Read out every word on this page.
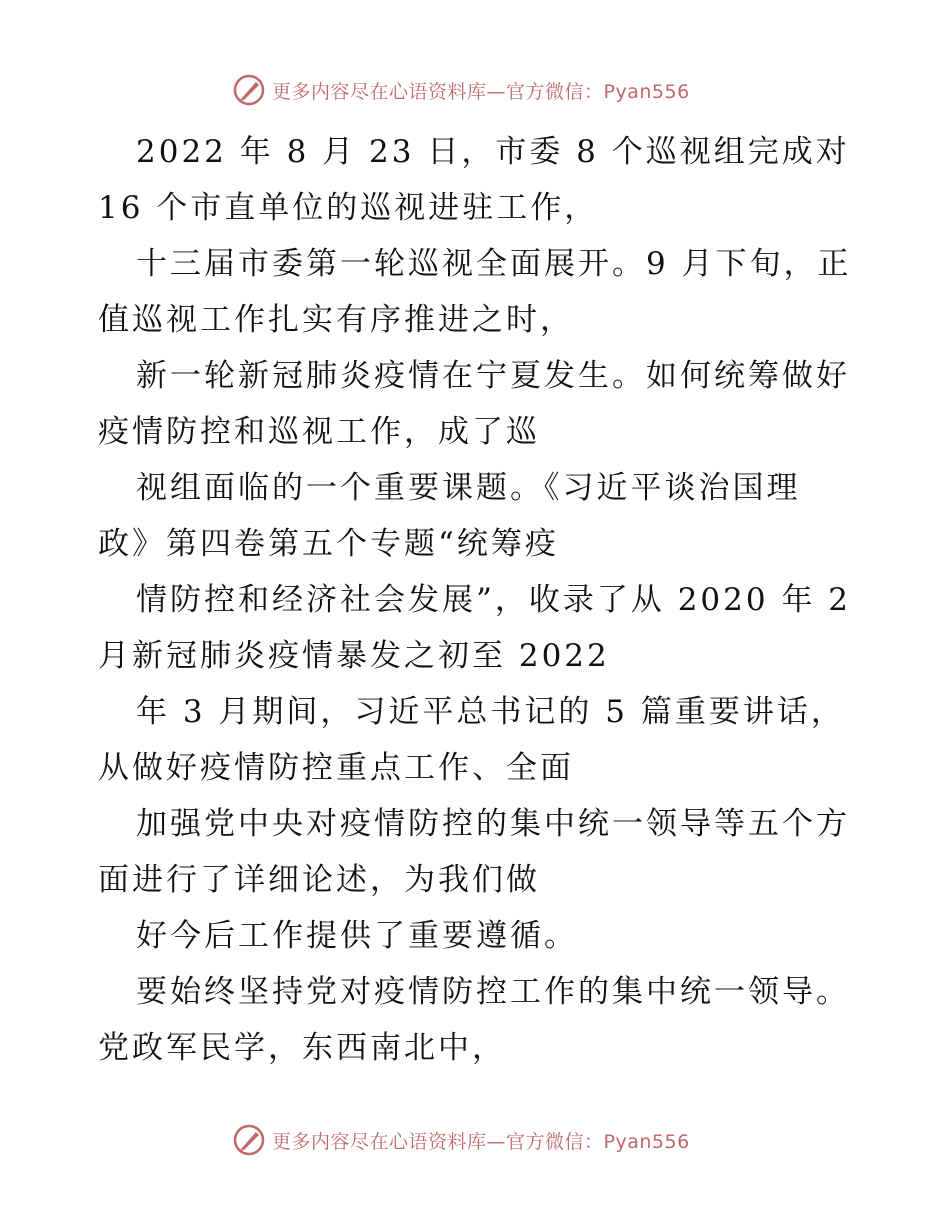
更多内容尽在心语资料库—官方微信：Pyan556
2022 年 8 月 23 日，市委 8 个巡视组完成对
16 个市直单位的巡视进驻工作，
十三届市委第一轮巡视全面展开。9 月下旬，正
值巡视工作扎实有序推进之时，
新一轮新冠肺炎疫情在宁夏发生。如何统筹做好
疫情防控和巡视工作，成了巡
视组面临的一个重要课题。《习近平谈治国理
政》第四卷第五个专题“统筹疫
情防控和经济社会发展”，收录了从 2020 年 2
月新冠肺炎疫情暴发之初至 2022
年 3 月期间，习近平总书记的 5 篇重要讲话，
从做好疫情防控重点工作、全面
加强党中央对疫情防控的集中统一领导等五个方
面进行了详细论述，为我们做
好今后工作提供了重要遵循。
要始终坚持党对疫情防控工作的集中统一领导。
党政军民学，东西南北中，
更多内容尽在心语资料库—官方微信：Pyan556
